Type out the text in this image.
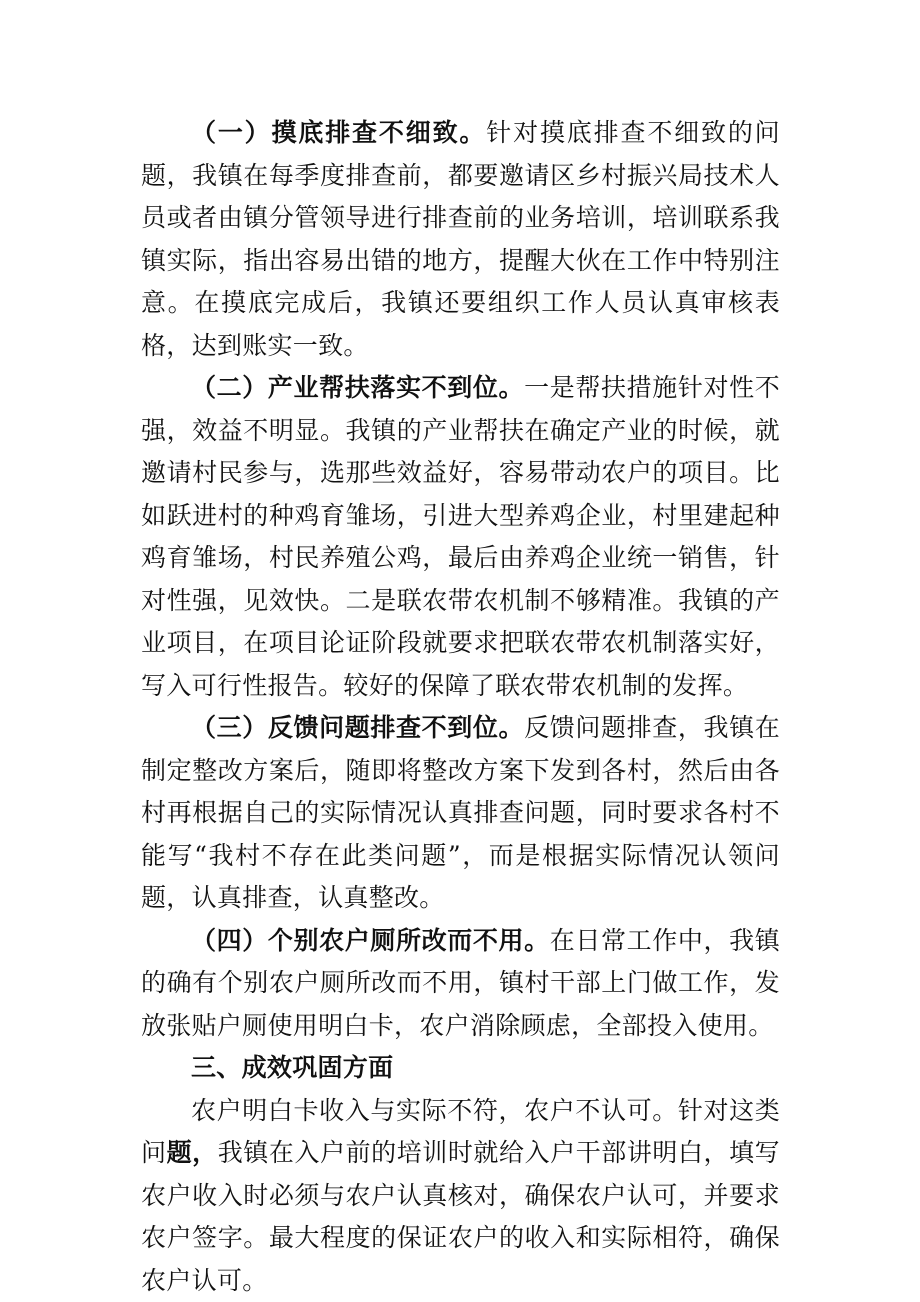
（一）摸底排查不细致。针对摸底排查不细致的问题，我镇在每季度排查前，都要邀请区乡村振兴局技术人员或者由镇分管领导进行排查前的业务培训，培训联系我镇实际，指出容易出错的地方，提醒大伙在工作中特别注意。在摸底完成后，我镇还要组织工作人员认真审核表格，达到账实一致。

（二）产业帮扶落实不到位。一是帮扶措施针对性不强，效益不明显。我镇的产业帮扶在确定产业的时候，就邀请村民参与，选那些效益好，容易带动农户的项目。比如跃进村的种鸡育雏场，引进大型养鸡企业，村里建起种鸡育雏场，村民养殖公鸡，最后由养鸡企业统一销售，针对性强，见效快。二是联农带农机制不够精准。我镇的产业项目，在项目论证阶段就要求把联农带农机制落实好，写入可行性报告。较好的保障了联农带农机制的发挥。

（三）反馈问题排查不到位。反馈问题排查，我镇在制定整改方案后，随即将整改方案下发到各村，然后由各村再根据自己的实际情况认真排查问题，同时要求各村不能写“我村不存在此类问题”，而是根据实际情况认领问题，认真排查，认真整改。

（四）个别农户厕所改而不用。在日常工作中，我镇的确有个别农户厕所改而不用，镇村干部上门做工作，发放张贴户厕使用明白卡，农户消除顾虑，全部投入使用。

三、成效巩固方面

农户明白卡收入与实际不符，农户不认可。针对这类问题，我镇在入户前的培训时就给入户干部讲明白，填写农户收入时必须与农户认真核对，确保农户认可，并要求农户签字。最大程度的保证农户的收入和实际相符，确保农户认可。
